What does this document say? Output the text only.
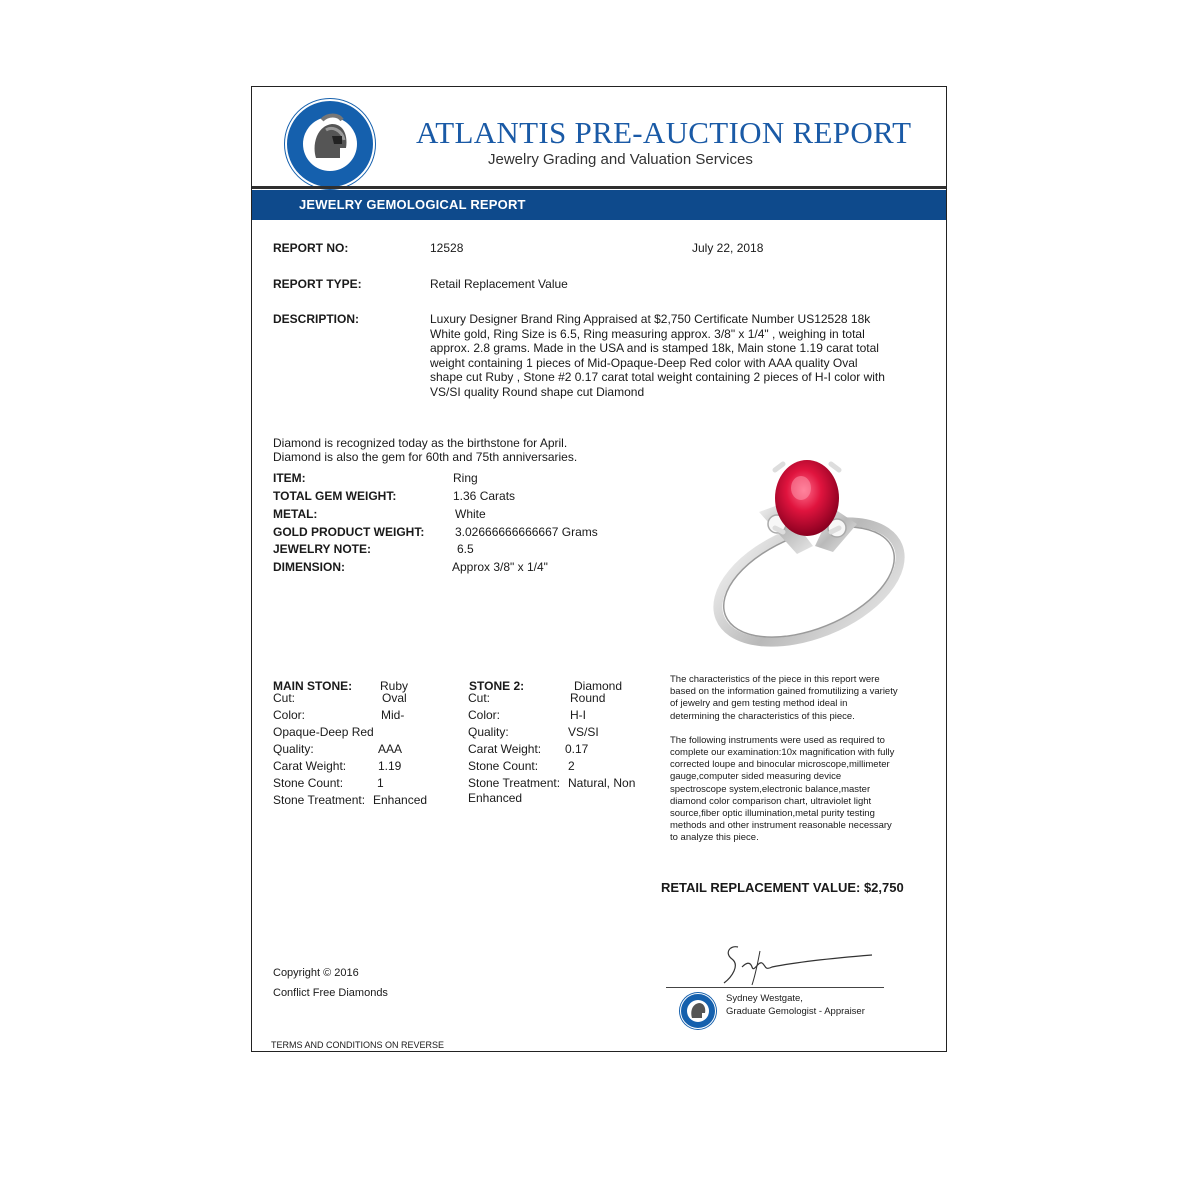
ATLANTIS PRE-AUCTION REPORT
Jewelry Grading and Valuation Services
JEWELRY GEMOLOGICAL REPORT
REPORT NO:	12528	July 22, 2018
REPORT TYPE:	Retail Replacement Value
DESCRIPTION:	Luxury Designer Brand Ring Appraised at $2,750 Certificate Number US12528 18k
White gold, Ring Size is 6.5, Ring measuring approx. 3/8" x 1/4" , weighing in total
approx. 2.8 grams. Made in the USA and is stamped 18k, Main stone 1.19 carat total
weight containing 1 pieces of Mid-Opaque-Deep Red color with AAA quality Oval
shape cut Ruby , Stone #2 0.17 carat total weight containing 2 pieces of H-I color with
VS/SI quality Round shape cut Diamond
Diamond is recognized today as the birthstone for April.
Diamond is also the gem for 60th and 75th anniversaries.
ITEM:	Ring
TOTAL GEM WEIGHT:	1.36 Carats
METAL:	White
GOLD PRODUCT WEIGHT:	3.02666666666667 Grams
JEWELRY NOTE:	6.5
DIMENSION:	Approx 3/8" x 1/4"
MAIN STONE: Ruby
Cut:	Oval
Color:	Mid-
Opaque-Deep Red
Quality:	AAA
Carat Weight:	1.19
Stone Count:	1
Stone Treatment: Enhanced
STONE 2:	Diamond
Cut:	Round
Color:	H-I
Quality:	VS/SI
Carat Weight: 0.17
Stone Count: 2
Stone Treatment: Natural, Non
Enhanced
The characteristics of the piece in this report were
based on the information gained fromutilizing a variety
of jewelry and gem testing method ideal in
determining the characteristics of this piece.
The following instruments were used as required to
complete our examination:10x magnification with fully
corrected loupe and binocular microscope,millimeter
gauge,computer sided measuring device
spectroscope system,electronic balance,master
diamond color comparison chart, ultraviolet light
source,fiber optic illumination,metal purity testing
methods and other instrument reasonable necessary
to analyze this piece.
RETAIL REPLACEMENT VALUE: $2,750
Copyright © 2016
Conflict Free Diamonds	Sydney Westgate,
Graduate Gemologist - Appraiser
TERMS AND CONDITIONS ON REVERSE
